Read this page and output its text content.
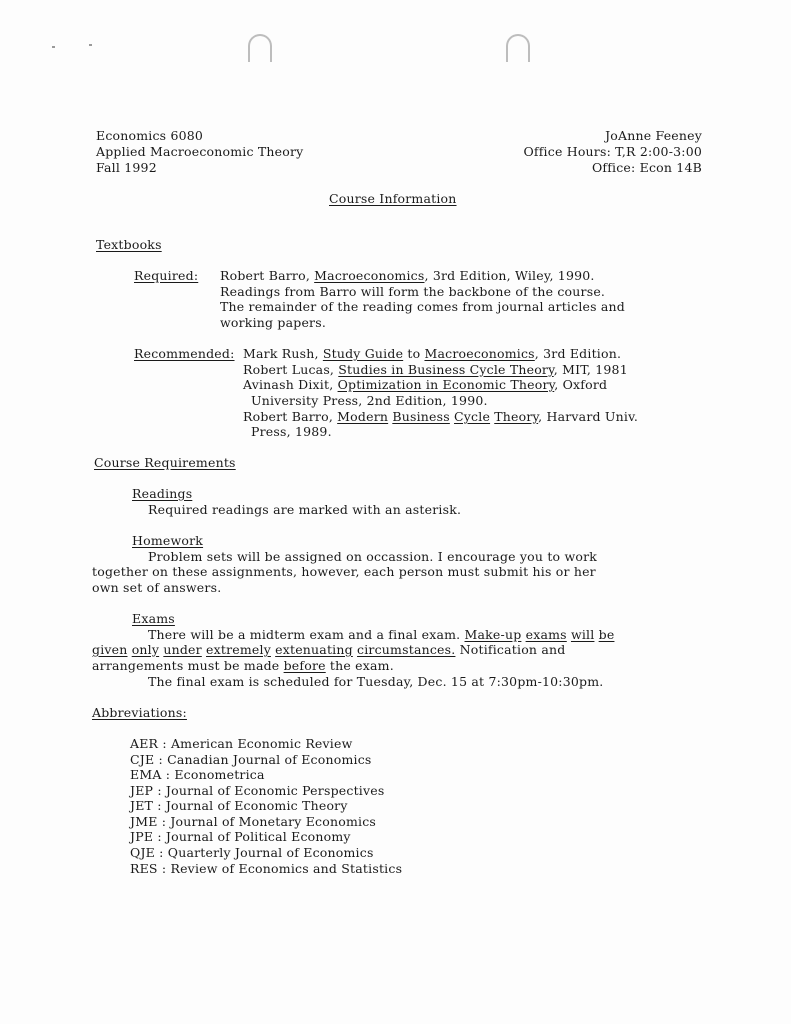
Economics 6080
Applied Macroeconomic Theory
Fall 1992
JoAnne Feeney
Office Hours: T,R 2:00-3:00
Office: Econ 14B
Course Information
Textbooks
Required: Robert Barro, Macroeconomics, 3rd Edition, Wiley, 1990.
Readings from Barro will form the backbone of the course.
The remainder of the reading comes from journal articles and
working papers.
Recommended: Mark Rush, Study Guide to Macroeconomics, 3rd Edition.
Robert Lucas, Studies in Business Cycle Theory, MIT, 1981
Avinash Dixit, Optimization in Economic Theory, Oxford
University Press, 2nd Edition, 1990.
Robert Barro, Modern Business Cycle Theory, Harvard Univ.
Press, 1989.
Course Requirements
Readings
Required readings are marked with an asterisk.
Homework
Problem sets will be assigned on occassion. I encourage you to work
together on these assignments, however, each person must submit his or her
own set of answers.
Exams
There will be a midterm exam and a final exam. Make-up exams will be
given only under extremely extenuating circumstances. Notification and
arrangements must be made before the exam.
The final exam is scheduled for Tuesday, Dec. 15 at 7:30pm-10:30pm.
Abbreviations:
AER : American Economic Review
CJE : Canadian Journal of Economics
EMA : Econometrica
JEP : Journal of Economic Perspectives
JET : Journal of Economic Theory
JME : Journal of Monetary Economics
JPE : Journal of Political Economy
QJE : Quarterly Journal of Economics
RES : Review of Economics and Statistics
